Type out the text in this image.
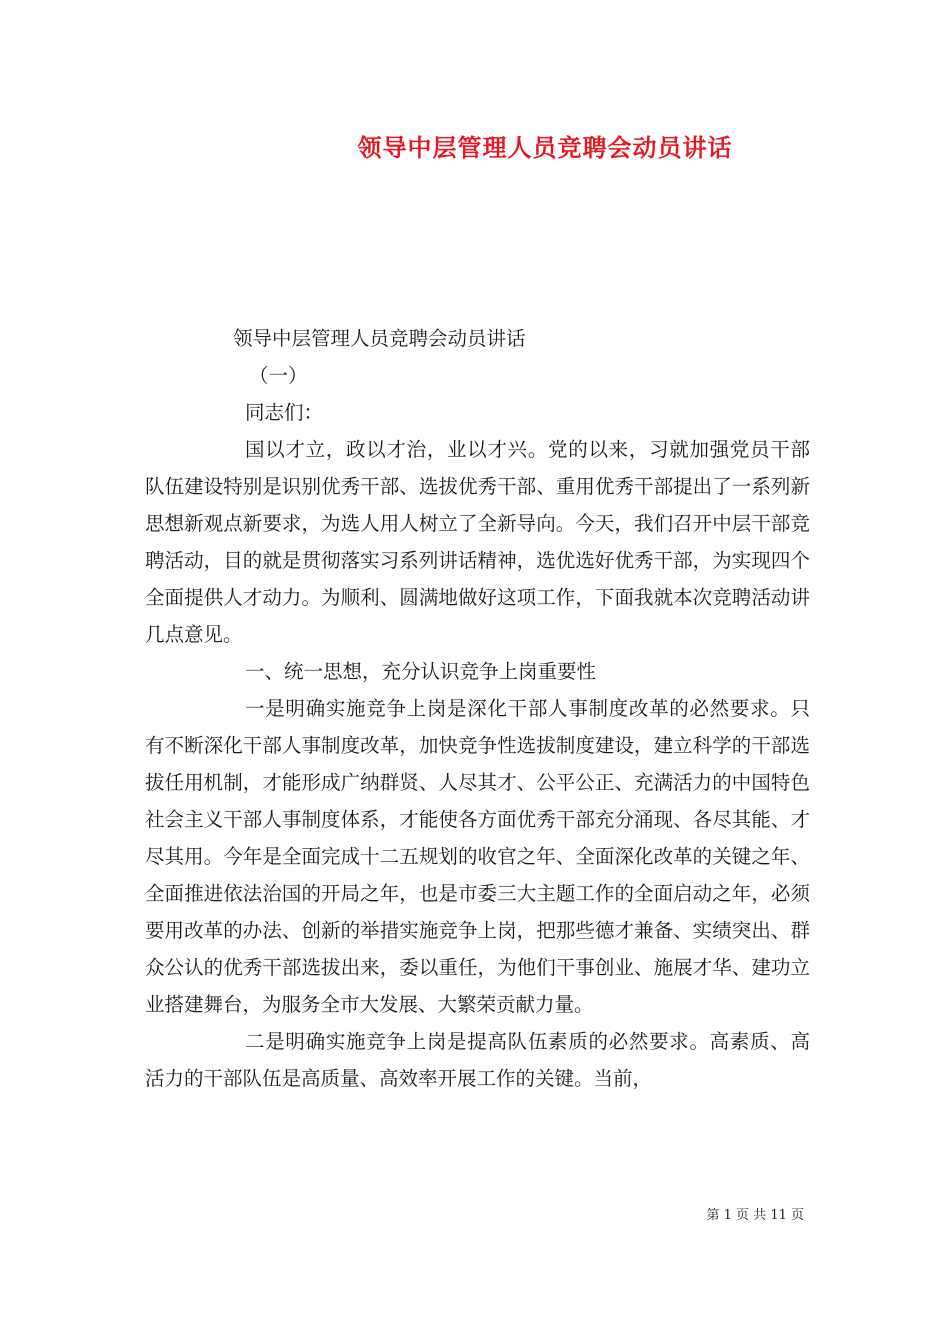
领导中层管理人员竞聘会动员讲话

领导中层管理人员竞聘会动员讲话

（一）

同志们：

国以才立，政以才治，业以才兴。党的以来，习就加强党员干部队伍建设特别是识别优秀干部、选拔优秀干部、重用优秀干部提出了一系列新思想新观点新要求，为选人用人树立了全新导向。今天，我们召开中层干部竞聘活动，目的就是贯彻落实习系列讲话精神，选优选好优秀干部，为实现四个全面提供人才动力。为顺利、圆满地做好这项工作，下面我就本次竞聘活动讲几点意见。

一、统一思想，充分认识竞争上岗重要性

一是明确实施竞争上岗是深化干部人事制度改革的必然要求。只有不断深化干部人事制度改革，加快竞争性选拔制度建设，建立科学的干部选拔任用机制，才能形成广纳群贤、人尽其才、公平公正、充满活力的中国特色社会主义干部人事制度体系，才能使各方面优秀干部充分涌现、各尽其能、才尽其用。今年是全面完成十二五规划的收官之年、全面深化改革的关键之年、全面推进依法治国的开局之年，也是市委三大主题工作的全面启动之年，必须要用改革的办法、创新的举措实施竞争上岗，把那些德才兼备、实绩突出、群众公认的优秀干部选拔出来，委以重任，为他们干事创业、施展才华、建功立业搭建舞台，为服务全市大发展、大繁荣贡献力量。

二是明确实施竞争上岗是提高队伍素质的必然要求。高素质、高活力的干部队伍是高质量、高效率开展工作的关键。当前，

第 1 页 共 11 页
